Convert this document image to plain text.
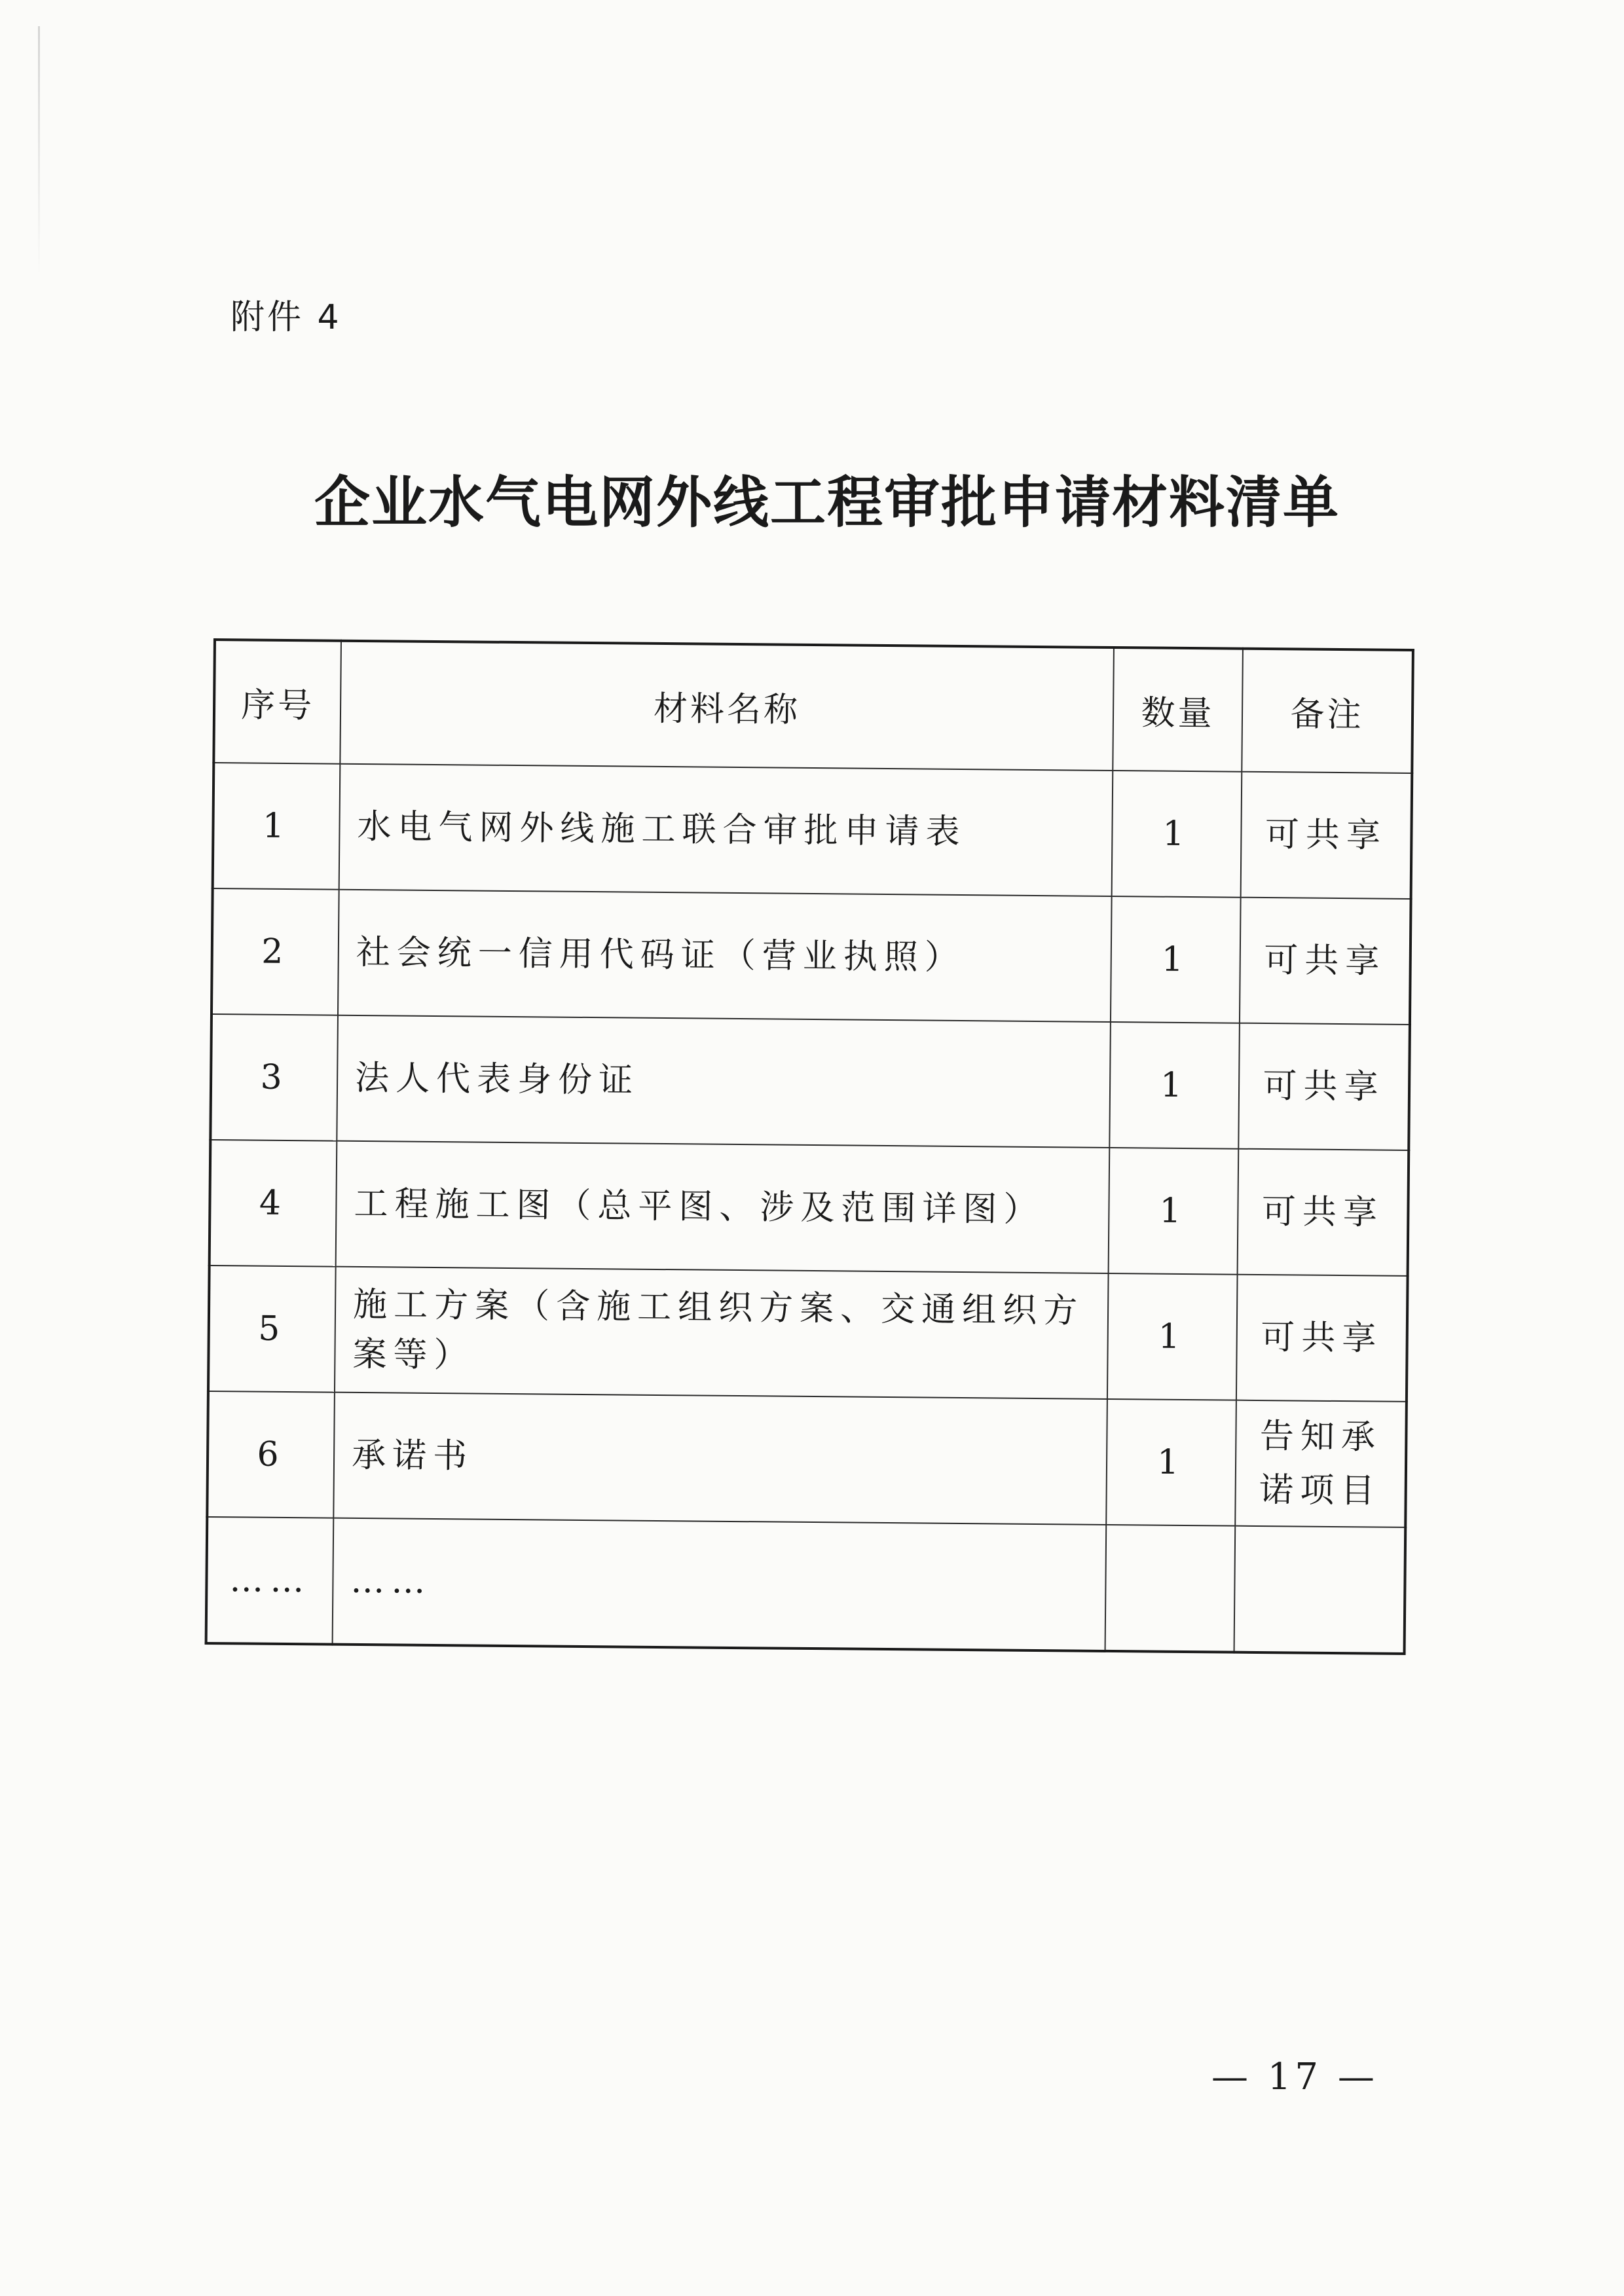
附件 4
企业水气电网外线工程审批申请材料清单
序号	材料名称	数量	备注
1	水电气网外线施工联合审批申请表	1	可共享
2	社会统一信用代码证（营业执照）	1	可共享
3	法人代表身份证	1	可共享
4	工程施工图（总平图、涉及范围详图）	1	可共享
5	施工方案（含施工组织方案、交通组织方案等）	1	可共享
6	承诺书	1	告知承诺项目
……	……		
— 17 —
